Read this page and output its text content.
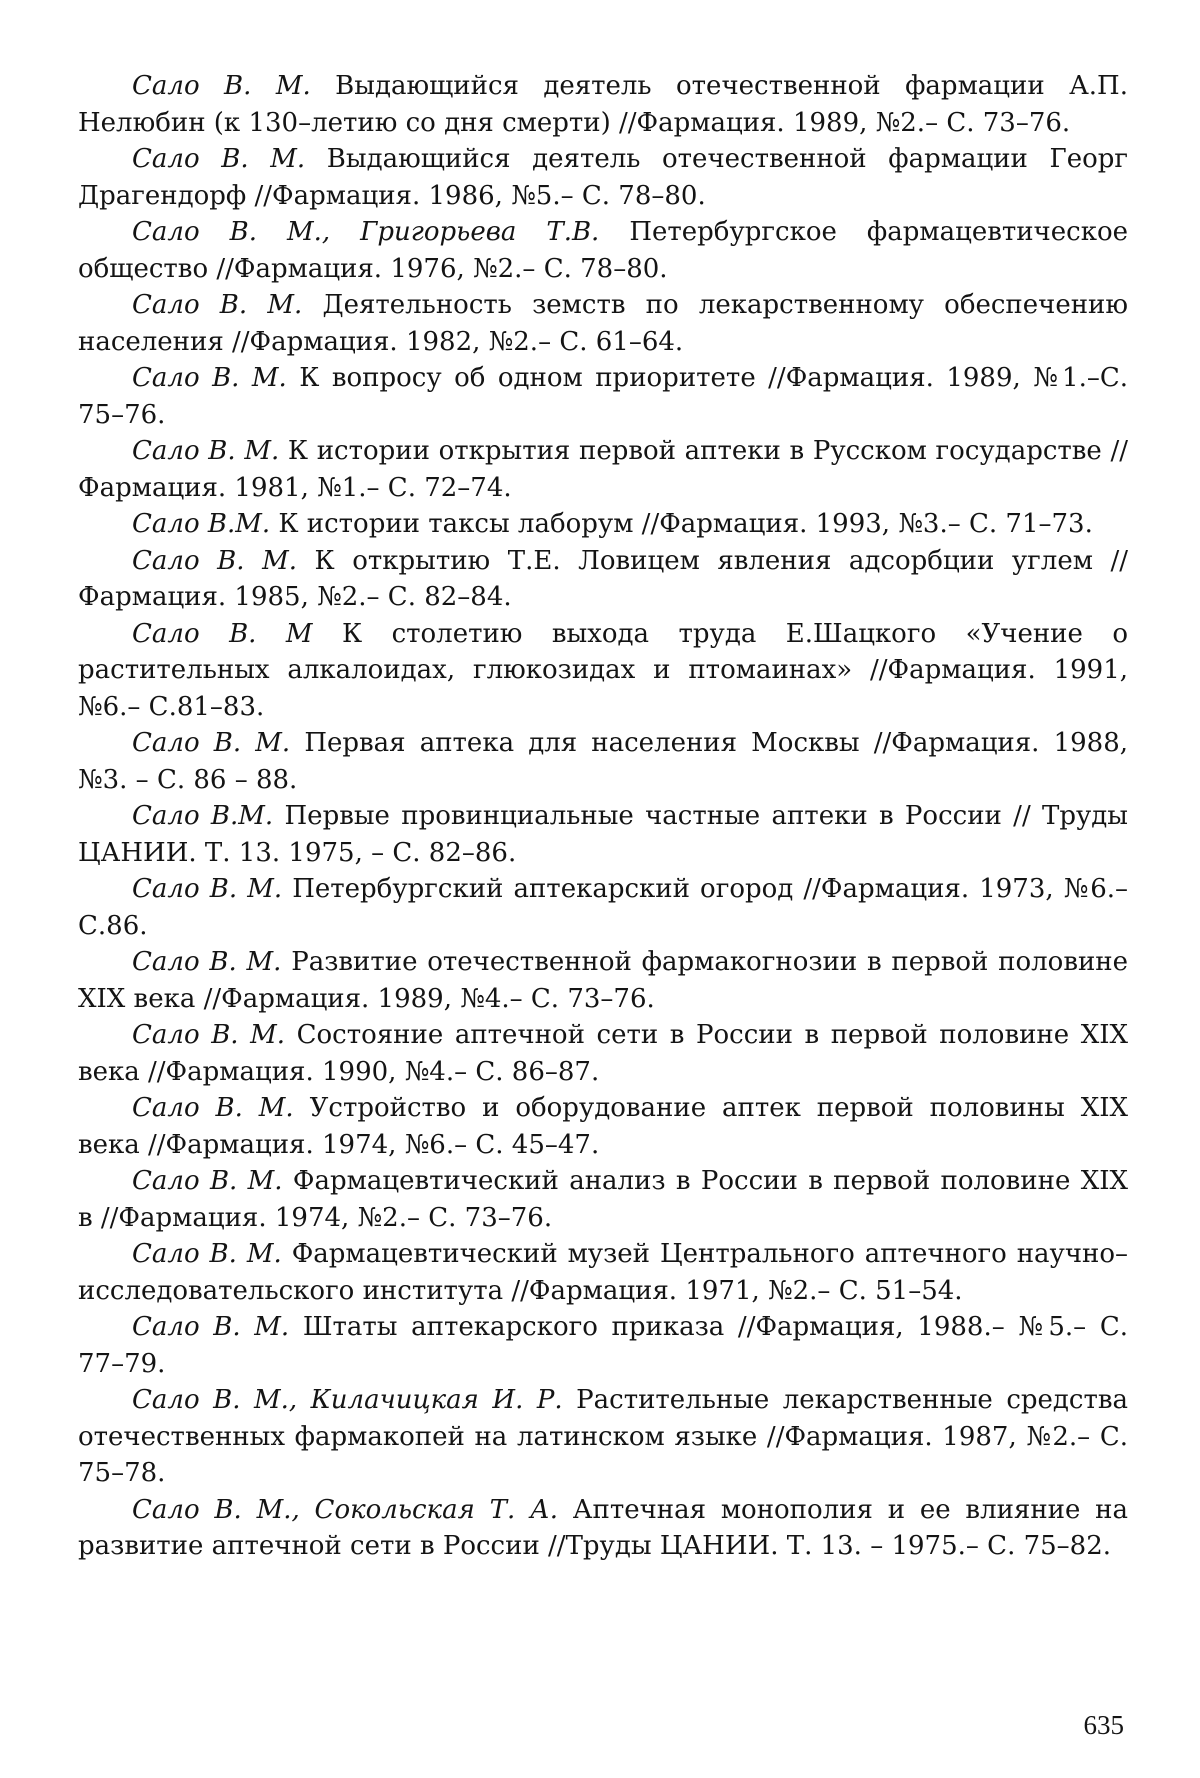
Сало В. М. Выдающийся деятель отечественной фармации А.П. Нелюбин (к 130–летию со дня смерти) //Фармация. 1989, №2.– С. 73–76.

Сало В. М. Выдающийся деятель отечественной фармации Георг Драгендорф //Фармация. 1986, №5.– С. 78–80.

Сало В. М., Григорьева Т.В. Петербургское фармацевтическое общество //Фармация. 1976, №2.– С. 78–80.

Сало В. М. Деятельность земств по лекарственному обеспечению населения //Фармация. 1982, №2.– С. 61–64.

Сало В. М. К вопросу об одном приоритете //Фармация. 1989, №1.–С. 75–76.

Сало В. М. К истории открытия первой аптеки в Русском государстве //Фармация. 1981, №1.– С. 72–74.

Сало В.М. К истории таксы лаборум //Фармация. 1993, №3.– С. 71–73.

Сало В. М. К открытию Т.Е. Ловицем явления адсорбции углем // Фармация. 1985, №2.– С. 82–84.

Сало В. М К столетию выхода труда Е.Шацкого «Учение о растительных алкалоидах, глюкозидах и птомаинах» //Фармация. 1991, №6.– С.81–83.

Сало В. М. Первая аптека для населения Москвы //Фармация. 1988, №3. – С. 86 – 88.

Сало В.М. Первые провинциальные частные аптеки в России // Труды ЦАНИИ. Т. 13. 1975, – С. 82–86.

Сало В. М. Петербургский аптекарский огород //Фармация. 1973, №6.– С.86.

Сало В. М. Развитие отечественной фармакогнозии в первой половине XIX века //Фармация. 1989, №4.– С. 73–76.

Сало В. М. Состояние аптечной сети в России в первой половине XIX века //Фармация. 1990, №4.– С. 86–87.

Сало В. М. Устройство и оборудование аптек первой половины XIX века //Фармация. 1974, №6.– С. 45–47.

Сало В. М. Фармацевтический анализ в России в первой половине XIX в //Фармация. 1974, №2.– С. 73–76.

Сало В. М. Фармацевтический музей Центрального аптечного научно–исследовательского института //Фармация. 1971, №2.– С. 51–54.

Сало В. М. Штаты аптекарского приказа //Фармация, 1988.– №5.– С. 77–79.

Сало В. М., Килачицкая И. Р. Растительные лекарственные средства отечественных фармакопей на латинском языке //Фармация. 1987, №2.– С. 75–78.

Сало В. М., Сокольская Т. А. Аптечная монополия и ее влияние на развитие аптечной сети в России //Труды ЦАНИИ. Т. 13. – 1975.– С. 75–82.

635
